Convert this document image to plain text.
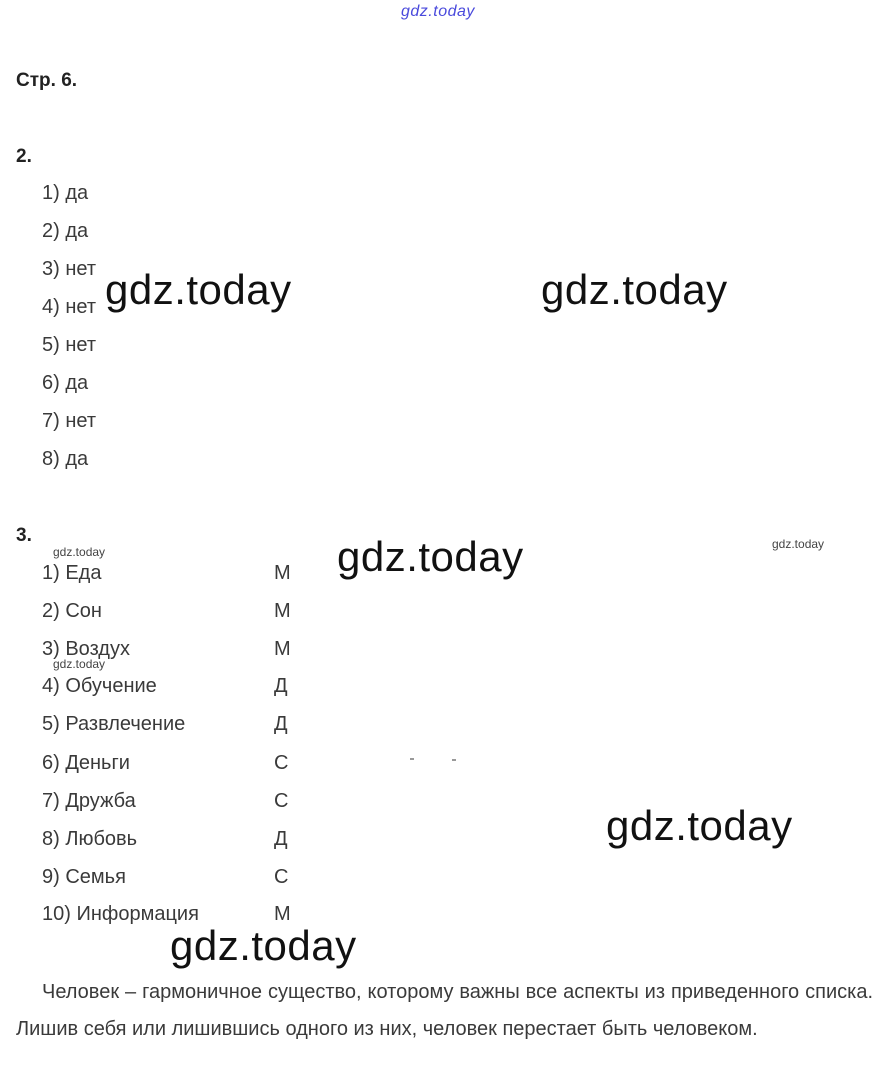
gdz.today
Стр. 6.
2.
1) да
2) да
3) нет
4) нет
5) нет
6) да
7) нет
8) да
gdz.today	gdz.today
3.
gdz.today
gdz.today
gdz.today
1) Еда	М
2) Сон	М
3) Воздух	М
gdz.today
4) Обучение	Д
5) Развлечение	Д
6) Деньги	С
7) Дружба	С
8) Любовь	Д
9) Семья	С
10) Информация	М
gdz.today
gdz.today
Человек – гармоничное существо, которому важны все аспекты из приведенного списка. Лишив себя или лишившись одного из них, человек перестает быть человеком.
